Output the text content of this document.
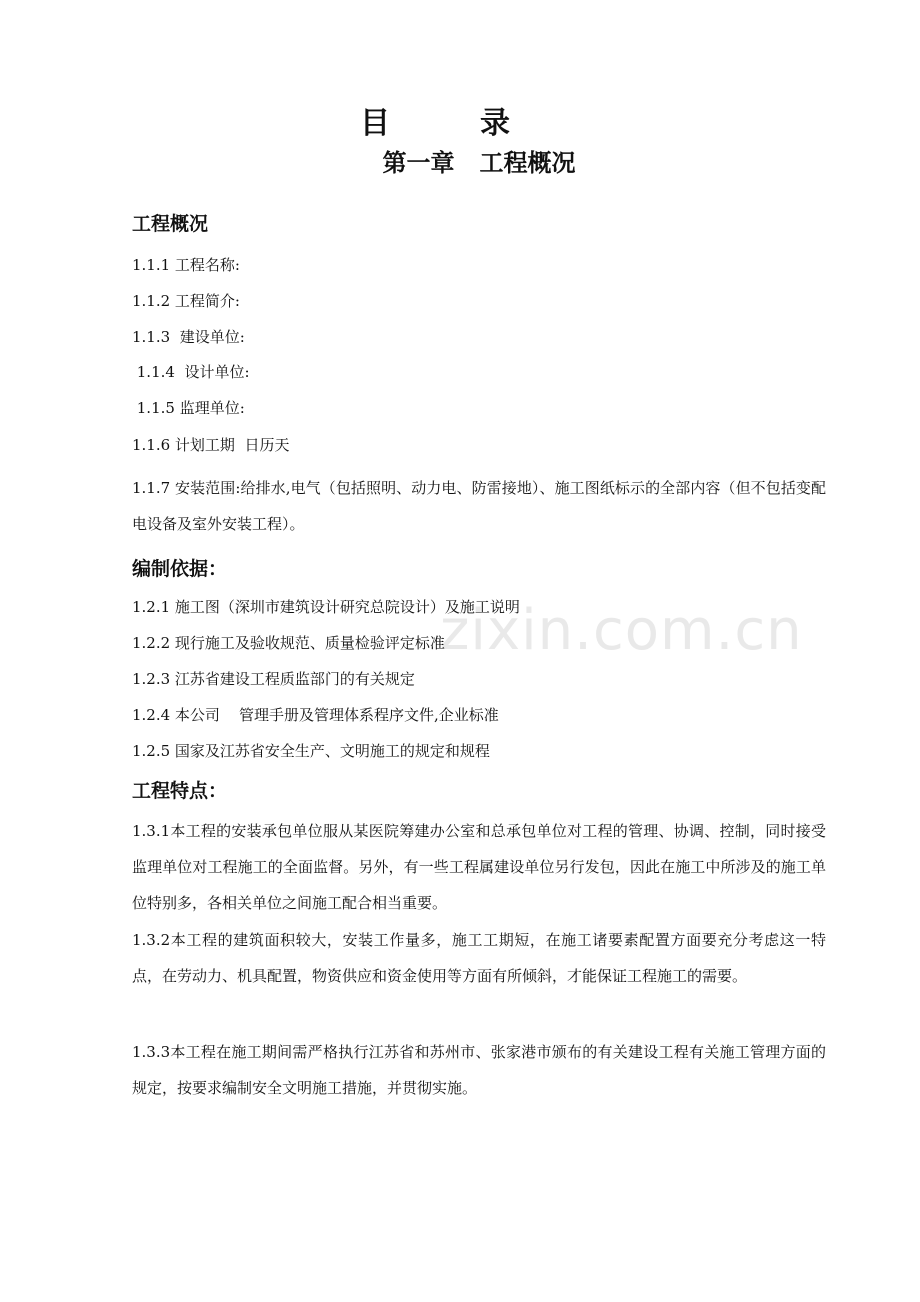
zixin.com.cn
目录
第一章   工程概况
工程概况
1.1.1 工程名称:
1.1.2 工程简介:
1.1.3  建设单位:
1.1.4  设计单位:
1.1.5 监理单位:
1.1.6 计划工期  日历天
1.1.7 安装范围:给排水,电气（包括照明、动力电、防雷接地）、施工图纸标示的全部内容（但不包括变配电设备及室外安装工程）。
编制依据：
1.2.1 施工图（深圳市建筑设计研究总院设计）及施工说明
1.2.2 现行施工及验收规范、质量检验评定标准
1.2.3 江苏省建设工程质监部门的有关规定
1.2.4 本公司    管理手册及管理体系程序文件,企业标准
1.2.5 国家及江苏省安全生产、文明施工的规定和规程
工程特点：
1.3.1本工程的安装承包单位服从某医院筹建办公室和总承包单位对工程的管理、协调、控制，同时接受监理单位对工程施工的全面监督。另外，有一些工程属建设单位另行发包，因此在施工中所涉及的施工单位特别多，各相关单位之间施工配合相当重要。
1.3.2本工程的建筑面积较大，安装工作量多，施工工期短，在施工诸要素配置方面要充分考虑这一特点，在劳动力、机具配置，物资供应和资金使用等方面有所倾斜，才能保证工程施工的需要。
1.3.3本工程在施工期间需严格执行江苏省和苏州市、张家港市颁布的有关建设工程有关施工管理方面的规定，按要求编制安全文明施工措施，并贯彻实施。
